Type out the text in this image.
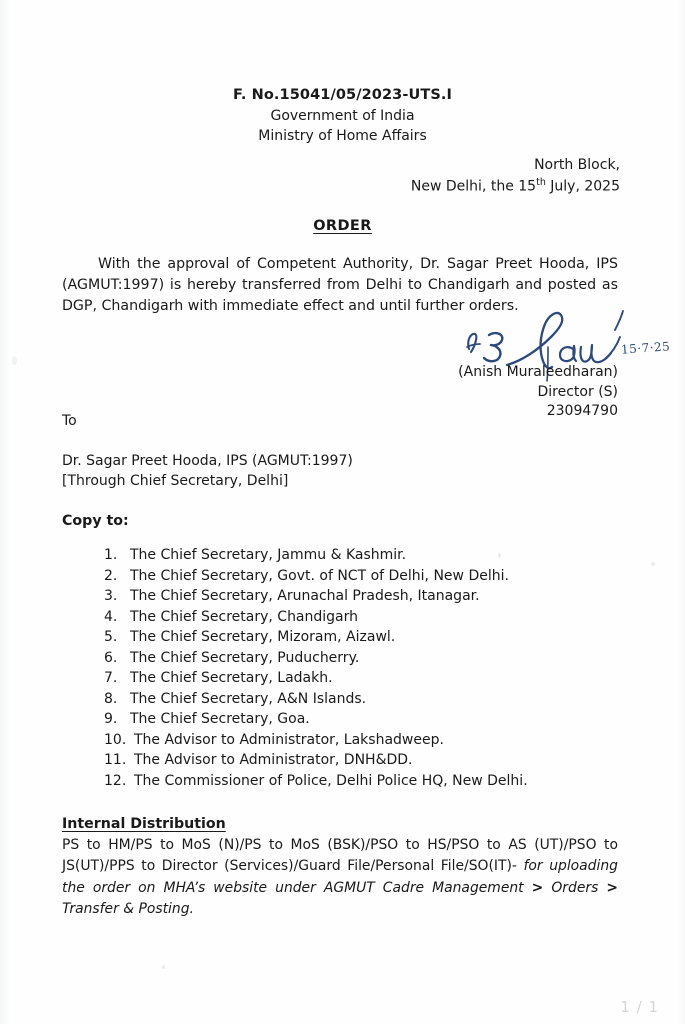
F. No.15041/05/2023-UTS.I
Government of India
Ministry of Home Affairs
North Block,
New Delhi, the 15th July, 2025
ORDER
With the approval of Competent Authority, Dr. Sagar Preet Hooda, IPS (AGMUT:1997) is hereby transferred from Delhi to Chandigarh and posted as DGP, Chandigarh with immediate effect and until further orders.
15·7·25
(Anish Muraleedharan)
Director (S)
23094790
To
Dr. Sagar Preet Hooda, IPS (AGMUT:1997)
[Through Chief Secretary, Delhi]
Copy to:
1. The Chief Secretary, Jammu & Kashmir.
2. The Chief Secretary, Govt. of NCT of Delhi, New Delhi.
3. The Chief Secretary, Arunachal Pradesh, Itanagar.
4. The Chief Secretary, Chandigarh
5. The Chief Secretary, Mizoram, Aizawl.
6. The Chief Secretary, Puducherry.
7. The Chief Secretary, Ladakh.
8. The Chief Secretary, A&N Islands.
9. The Chief Secretary, Goa.
10. The Advisor to Administrator, Lakshadweep.
11. The Advisor to Administrator, DNH&DD.
12. The Commissioner of Police, Delhi Police HQ, New Delhi.
Internal Distribution
PS to HM/PS to MoS (N)/PS to MoS (BSK)/PSO to HS/PSO to AS (UT)/PSO to JS(UT)/PPS to Director (Services)/Guard File/Personal File/SO(IT)- for uploading the order on MHA’s website under AGMUT Cadre Management > Orders > Transfer & Posting.
1 / 1
